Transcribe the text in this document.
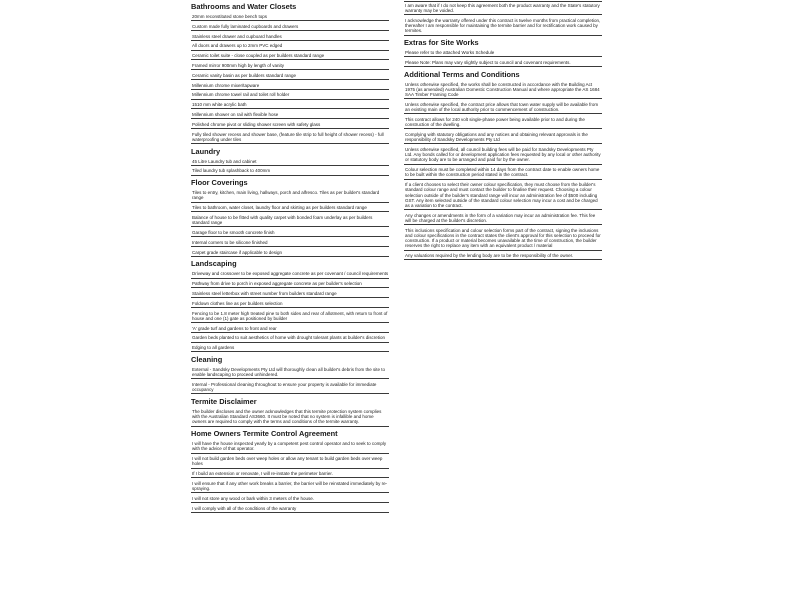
Bathrooms and Water Closets
20mm reconstituted stone bench tops
Custom made fully laminated cupboards and drawers
Stainless steel drawer and cupboard handles
All doors and drawers up to 2mm PVC edged
Ceramic toilet suite - close coupled as per builders standard range
Framed mirror 900mm high by length of vanity
Ceramic vanity basin as per builders standard range
Millennium chrome mixer/tapware
Millennium chrome towel rail and toilet roll holder
1510 mm white acrylic bath
Millennium shower on rail with flexible hose
Polished chrome pivot or sliding shower screen with safety glass
Fully tiled shower recess and shower base, (feature tile strip to full height of shower recess) - full waterproofing under tiles
Laundry
45 Litre Laundry tub and cabinet
Tiled laundry tub splashback to 400mm
Floor Coverings
Tiles to entry, kitchen, main living, hallways, porch and alfresco. Tiles as per builder's standard range
Tiles to bathroom, water closet, laundry floor and skirting as per builders standard range
Balance of house to be fitted with quality carpet with bonded foam underlay as per builders standard range
Garage floor to be smooth concrete finish
Internal corners to be silicone finished
Carpet grade staircase if applicable to design
Landscaping
Driveway and crossover to be exposed aggregate concrete as per covenant / council requirements
Pathway from drive to porch in exposed aggregate concrete as per builder's selection
Stainless steel letterbox with street number from builders standard range
Foldown clothes line as per builders selection
Fencing to be 1.8 meter high treated pine to both sides and rear of allotment, with return to front of house and one (1) gate as positioned by builder
'A' grade turf and gardens to front and rear
Garden beds planted to suit aesthetics of home with drought tolerant plants at builder's discretion
Edging to all gardens
Cleaning
External - Sandsky Developments Pty Ltd will thoroughly clean all builder's debris from the site to enable landscaping to proceed unhindered.
Internal - Professional cleaning throughout to ensure your property is available for immediate occupancy
Termite Disclaimer
The builder discloses and the owner acknowledges that this termite protection system complies with the Australian Standard AS3660. It must be noted that no system is infallible and home owners are required to comply with the terms and conditions of the termite warranty.
Home Owners Termite Control Agreement
I will have the house inspected yearly by a competent pest control operator and to seek to comply with the advice of that operator.
I will not build garden beds over weep holes or allow any tenant to build garden beds over weep holes
If I build an extension or renovate, I will re-instate the perimeter barrier.
I will ensure that if any other work breaks a barrier, the barrier will be reinstated immediately by re-spraying.
I will not store any wood or bark within 3 meters of the house.
I will comply with all of the conditions of the warranty
I am aware that if I do not keep this agreement both the product warranty and the State's statutory warranty may be voided.
I acknowledge the warranty offered under this contract is twelve months from practical completion, thereafter I am responsible for maintaining the termite barrier and for rectification work caused by termites.
Extras for Site Works
Please refer to the attached Works Schedule
Please Note: Plans may vary slightly subject to council and covenant requirements.
Additional Terms and Conditions
Unless otherwise specified, the works shall be constructed in accordance with the Building Act 1975 (as amended) Australian Domestic Construction Manual and where appropriate the AS 1684 SAA Timber Framing Code
Unless otherwise specified, the contract price allows that town water supply will be available from an existing main of the local authority prior to commencement of construction.
This contract allows for 240 volt single-phase power being available prior to and during the construction of the dwelling.
Complying with statutory obligations and any notices and obtaining relevant approvals is the responsibility of Sandsky Developments Pty Ltd
Unless otherwise specified, all council building fees will be paid for Sandsky Developments Pty Ltd. Any bonds called for or development application fees requested by any local or other authority or statutory body are to be arranged and paid for by the owner.
Colour selection must be completed within 14 days from the contract date to enable owners home to be built within the construction period stated in the contract.
If a client chooses to select their owner colour specification, they must choose from the builder's standard colour range and must contact the builder to finalise their request. Choosing a colour selection outside of the builder's standard range will incur an administration fee of $500 including GST. Any item selected outside of the standard colour selection may incur a cost and be charged as a variation to the contract.
Any changes or amendments in the form of a variation may incur an administration fee. This fee will be charged at the builder's discretion.
This inclusions specification and colour selection forms part of the contract, signing the inclusions and colour specifications in the contract states the client's approval for this selection to proceed for construction. If a product or material becomes unavailable at the time of construction, the builder reserves the right to replace any item with an equivalent product / material
Any valuations required by the lending body are to be the responsibility of the owner.
